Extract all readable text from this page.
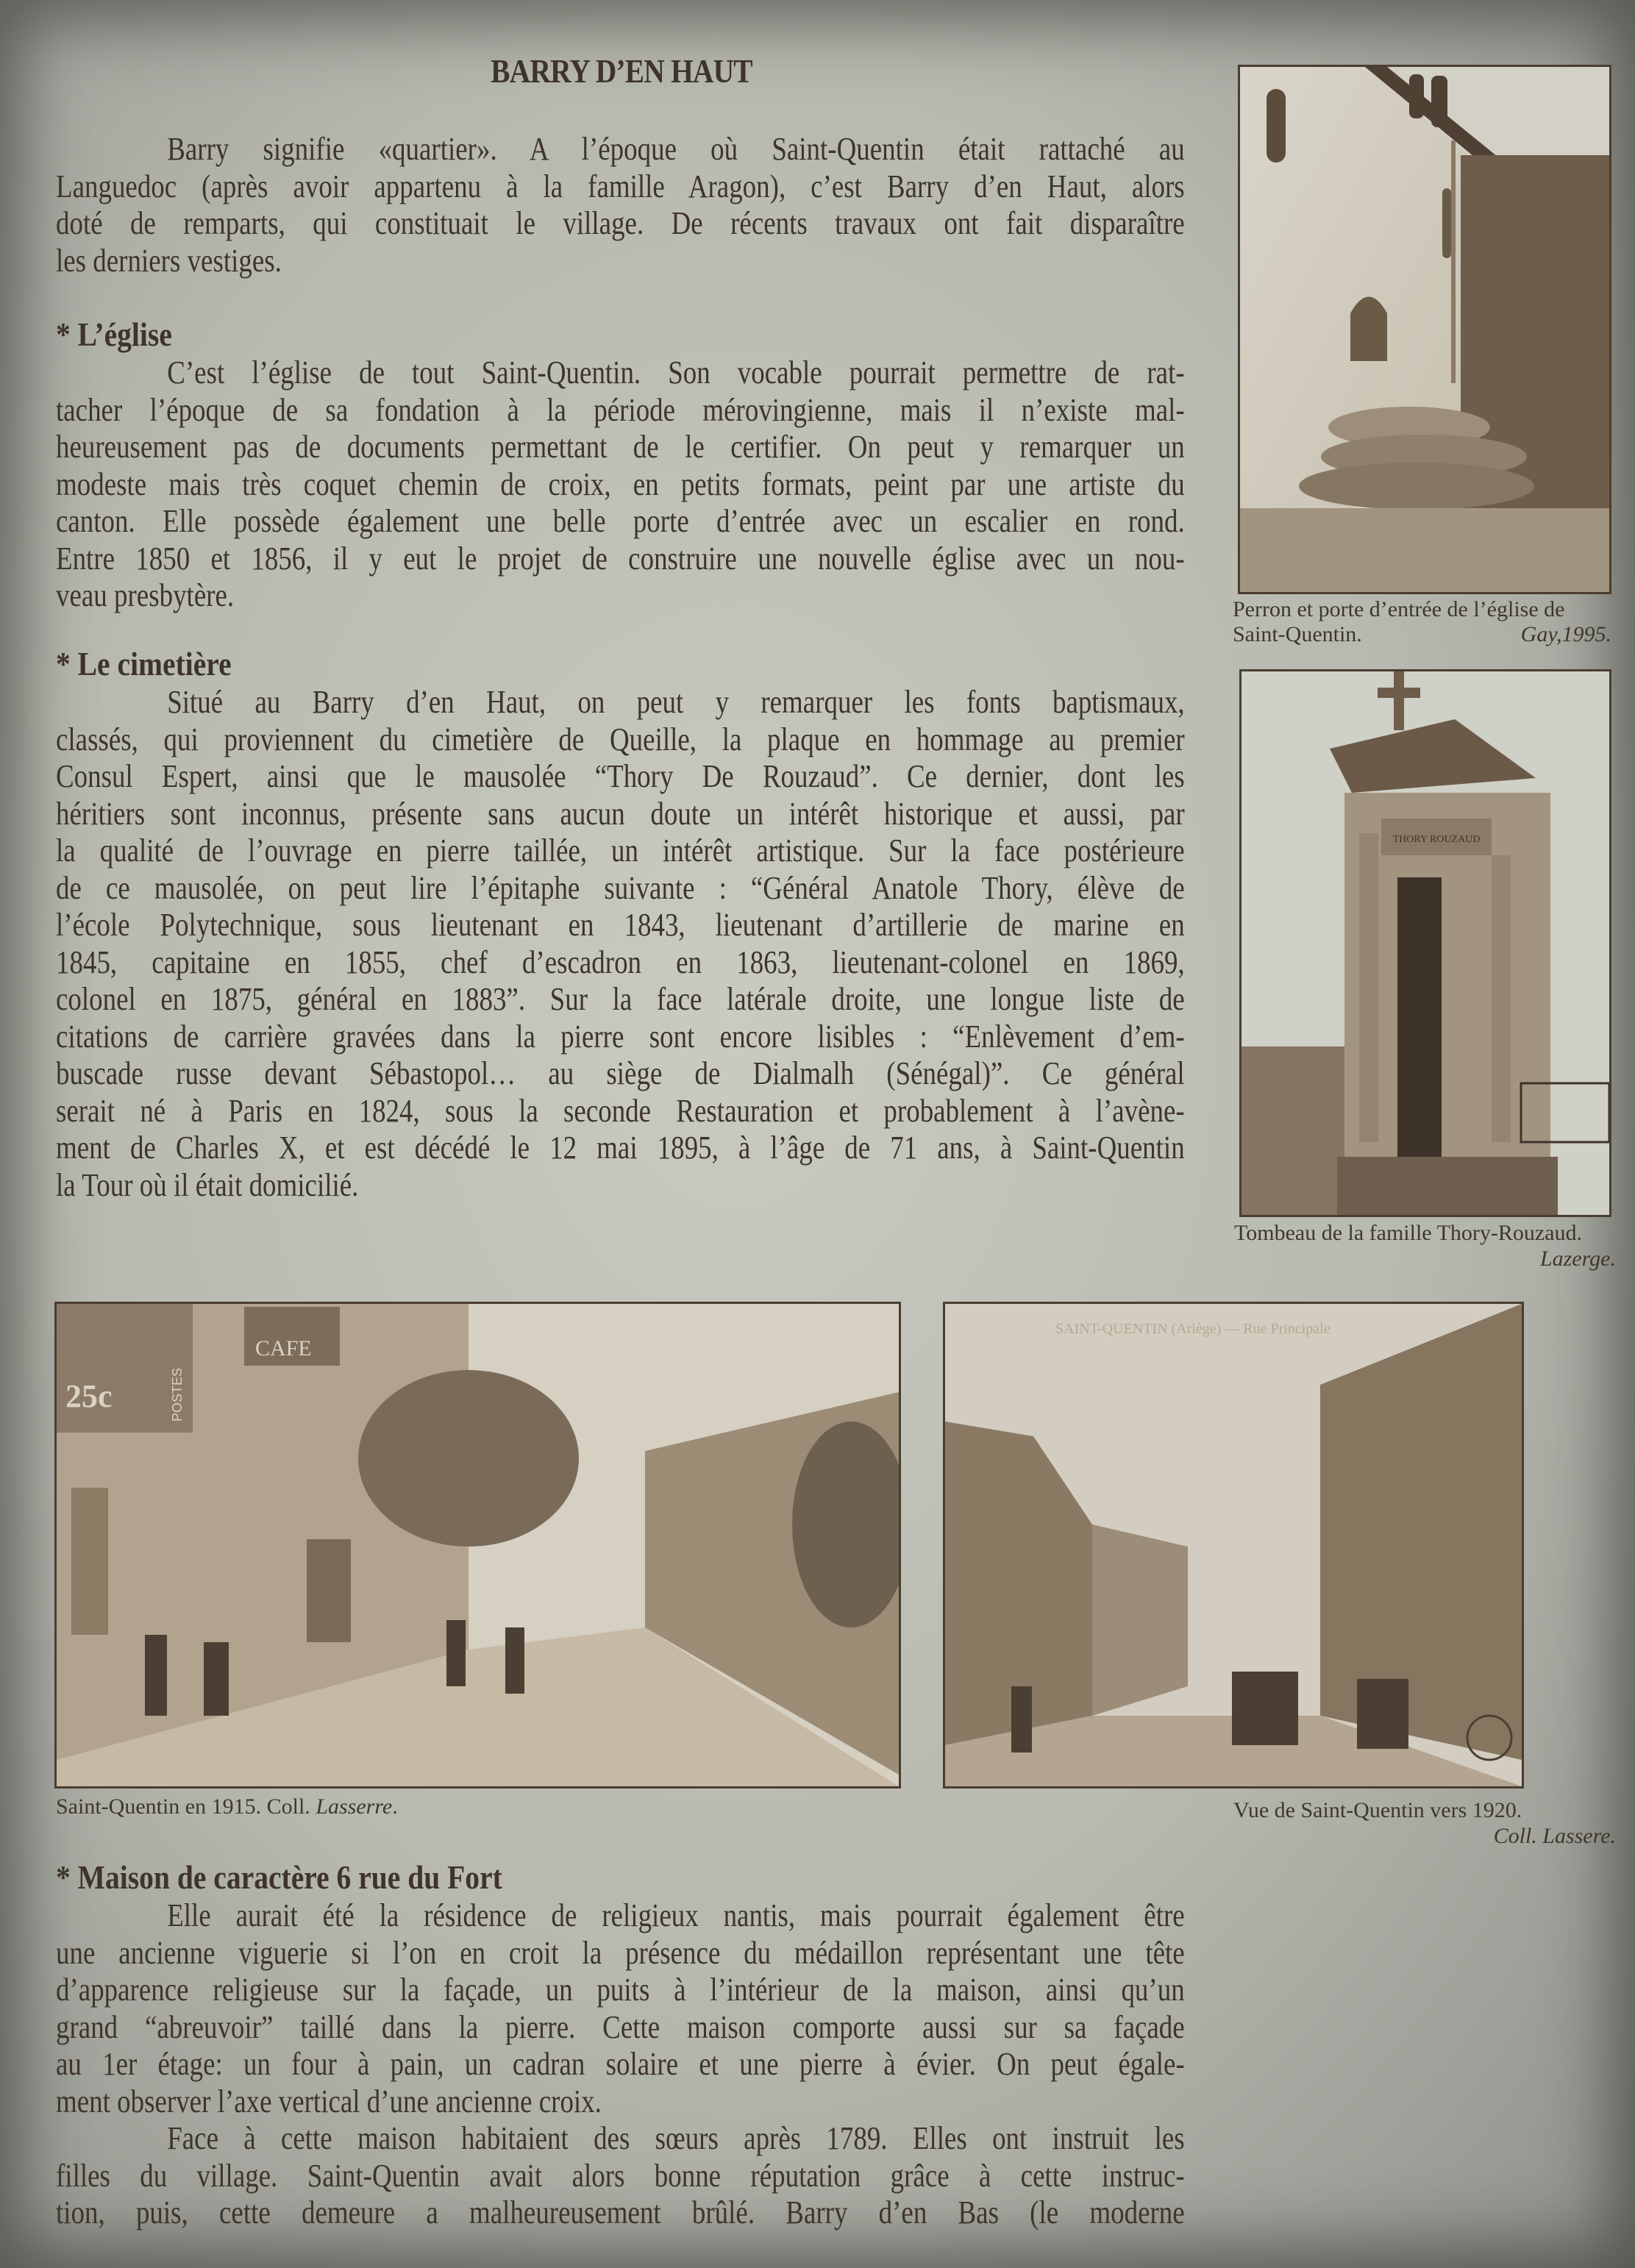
BARRY D’EN HAUT
Barry signifie «quartier». A l’époque où Saint-Quentin était rattaché au
Languedoc (après avoir appartenu à la famille Aragon), c’est Barry d’en Haut, alors
doté de remparts, qui constituait le village. De récents travaux ont fait disparaître
les derniers vestiges.
* L’église
C’est l’église de tout Saint-Quentin. Son vocable pourrait permettre de rat-
tacher l’époque de sa fondation à la période mérovingienne, mais il n’existe mal-
heureusement pas de documents permettant de le certifier. On peut y remarquer un
modeste mais très coquet chemin de croix, en petits formats, peint par une artiste du
canton. Elle possède également une belle porte d’entrée avec un escalier en rond.
Entre 1850 et 1856, il y eut le projet de construire une nouvelle église avec un nou-
veau presbytère.
* Le cimetière
Situé au Barry d’en Haut, on peut y remarquer les fonts baptismaux,
classés, qui proviennent du cimetière de Queille, la plaque en hommage au premier
Consul Espert, ainsi que le mausolée “Thory De Rouzaud”. Ce dernier, dont les
héritiers sont inconnus, présente sans aucun doute un intérêt historique et aussi, par
la qualité de l’ouvrage en pierre taillée, un intérêt artistique. Sur la face postérieure
de ce mausolée, on peut lire l’épitaphe suivante : “Général Anatole Thory, élève de
l’école Polytechnique, sous lieutenant en 1843, lieutenant d’artillerie de marine en
1845, capitaine en 1855, chef d’escadron en 1863, lieutenant-colonel en 1869,
colonel en 1875, général en 1883”. Sur la face latérale droite, une longue liste de
citations de carrière gravées dans la pierre sont encore lisibles : “Enlèvement d’em-
buscade russe devant Sébastopol… au siège de Dialmalh (Sénégal)”. Ce général
serait né à Paris en 1824, sous la seconde Restauration et probablement à l’avène-
ment de Charles X, et est décédé le 12 mai 1895, à l’âge de 71 ans, à Saint-Quentin
la Tour où il était domicilié.
* Maison de caractère 6 rue du Fort
Elle aurait été la résidence de religieux nantis, mais pourrait également être
une ancienne viguerie si l’on en croit la présence du médaillon représentant une tête
d’apparence religieuse sur la façade, un puits à l’intérieur de la maison, ainsi qu’un
grand “abreuvoir” taillé dans la pierre. Cette maison comporte aussi sur sa façade
au 1er étage: un four à pain, un cadran solaire et une pierre à évier. On peut égale-
ment observer l’axe vertical d’une ancienne croix.
Face à cette maison habitaient des sœurs après 1789. Elles ont instruit les
filles du village. Saint-Quentin avait alors bonne réputation grâce à cette instruc-
tion, puis, cette demeure a malheureusement brûlé. Barry d’en Bas (le moderne
Perron et porte d’entrée de l’église de
Saint-Quentin.	Gay,1995.
THORY ROUZAUD
Tombeau de la famille Thory-Rouzaud.
Lazerge.
25c	POSTES
CAFE
Saint-Quentin en 1915. Coll. Lasserre.
SAINT-QUENTIN (Ariège) — Rue Principale
Vue de Saint-Quentin vers 1920.
Coll. Lassere.
